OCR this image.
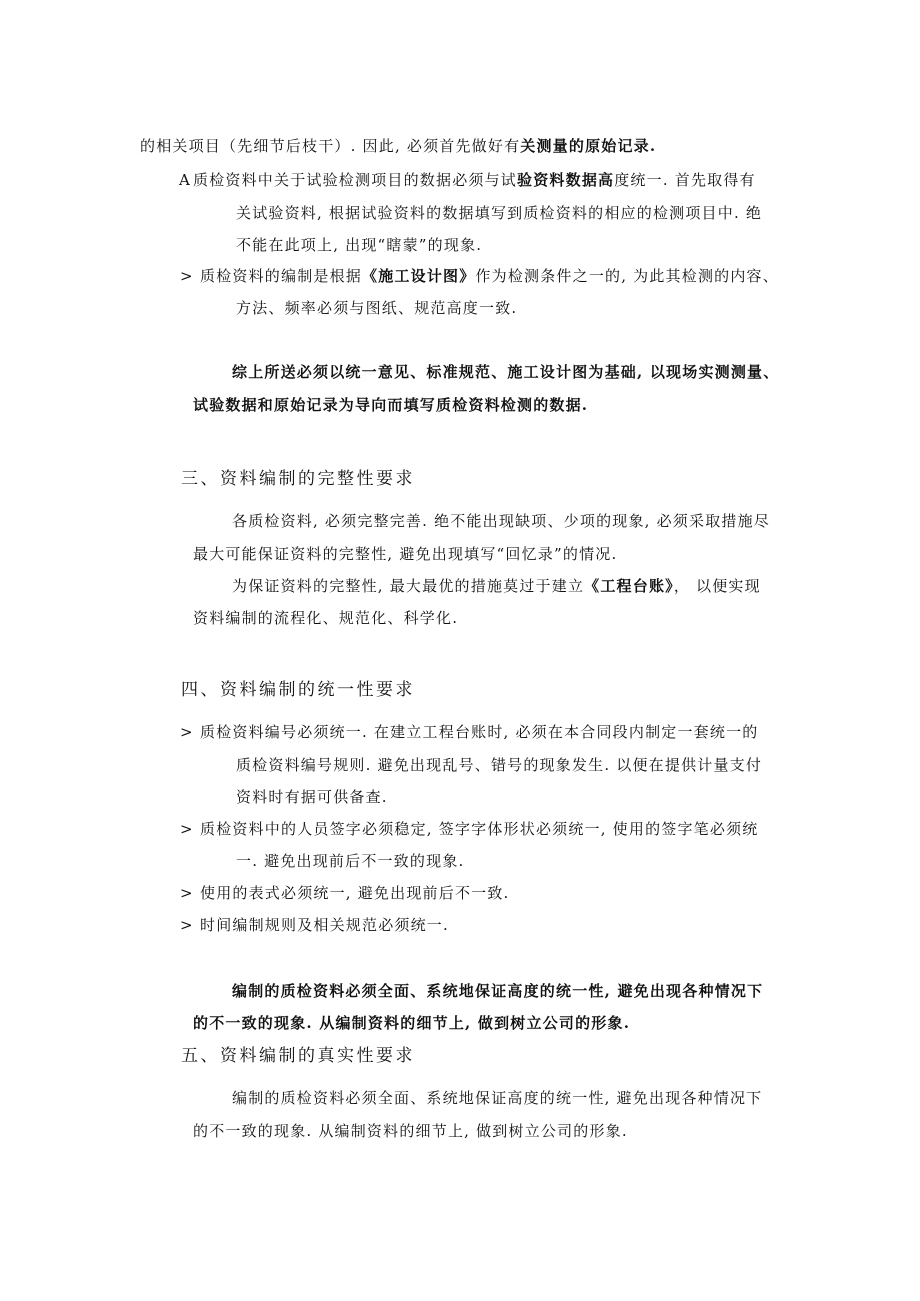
的相关项目（先细节后枝干）. 因此, 必须首先做好有关测量的原始记录.
A 质检资料中关于试验检测项目的数据必须与试验资料数据高度统一. 首先取得有
关试验资料, 根据试验资料的数据填写到质检资料的相应的检测项目中. 绝
不能在此项上, 出现“瞎蒙”的现象.
> 质检资料的编制是根据《施工设计图》作为检测条件之一的, 为此其检测的内容、
方法、频率必须与图纸、规范高度一致.
综上所送必须以统一意见、标准规范、施工设计图为基础, 以现场实测测量、
试验数据和原始记录为导向而填写质检资料检测的数据.
三、资料编制的完整性要求
各质检资料, 必须完整完善. 绝不能出现缺项、少项的现象, 必须采取措施尽
最大可能保证资料的完整性, 避免出现填写“回忆录”的情况.
为保证资料的完整性, 最大最优的措施莫过于建立《工程台账》， 以便实现
资料编制的流程化、规范化、科学化.
四、资料编制的统一性要求
> 质检资料编号必须统一. 在建立工程台账时, 必须在本合同段内制定一套统一的
质检资料编号规则. 避免出现乱号、错号的现象发生. 以便在提供计量支付
资料时有据可供备查.
> 质检资料中的人员签字必须稳定, 签字字体形状必须统一, 使用的签字笔必须统
一. 避免出现前后不一致的现象.
> 使用的表式必须统一, 避免出现前后不一致.
> 时间编制规则及相关规范必须统一.
编制的质检资料必须全面、系统地保证高度的统一性, 避免出现各种情况下
的不一致的现象. 从编制资料的细节上, 做到树立公司的形象.
五、资料编制的真实性要求
编制的质检资料必须全面、系统地保证高度的统一性, 避免出现各种情况下
的不一致的现象. 从编制资料的细节上, 做到树立公司的形象.
